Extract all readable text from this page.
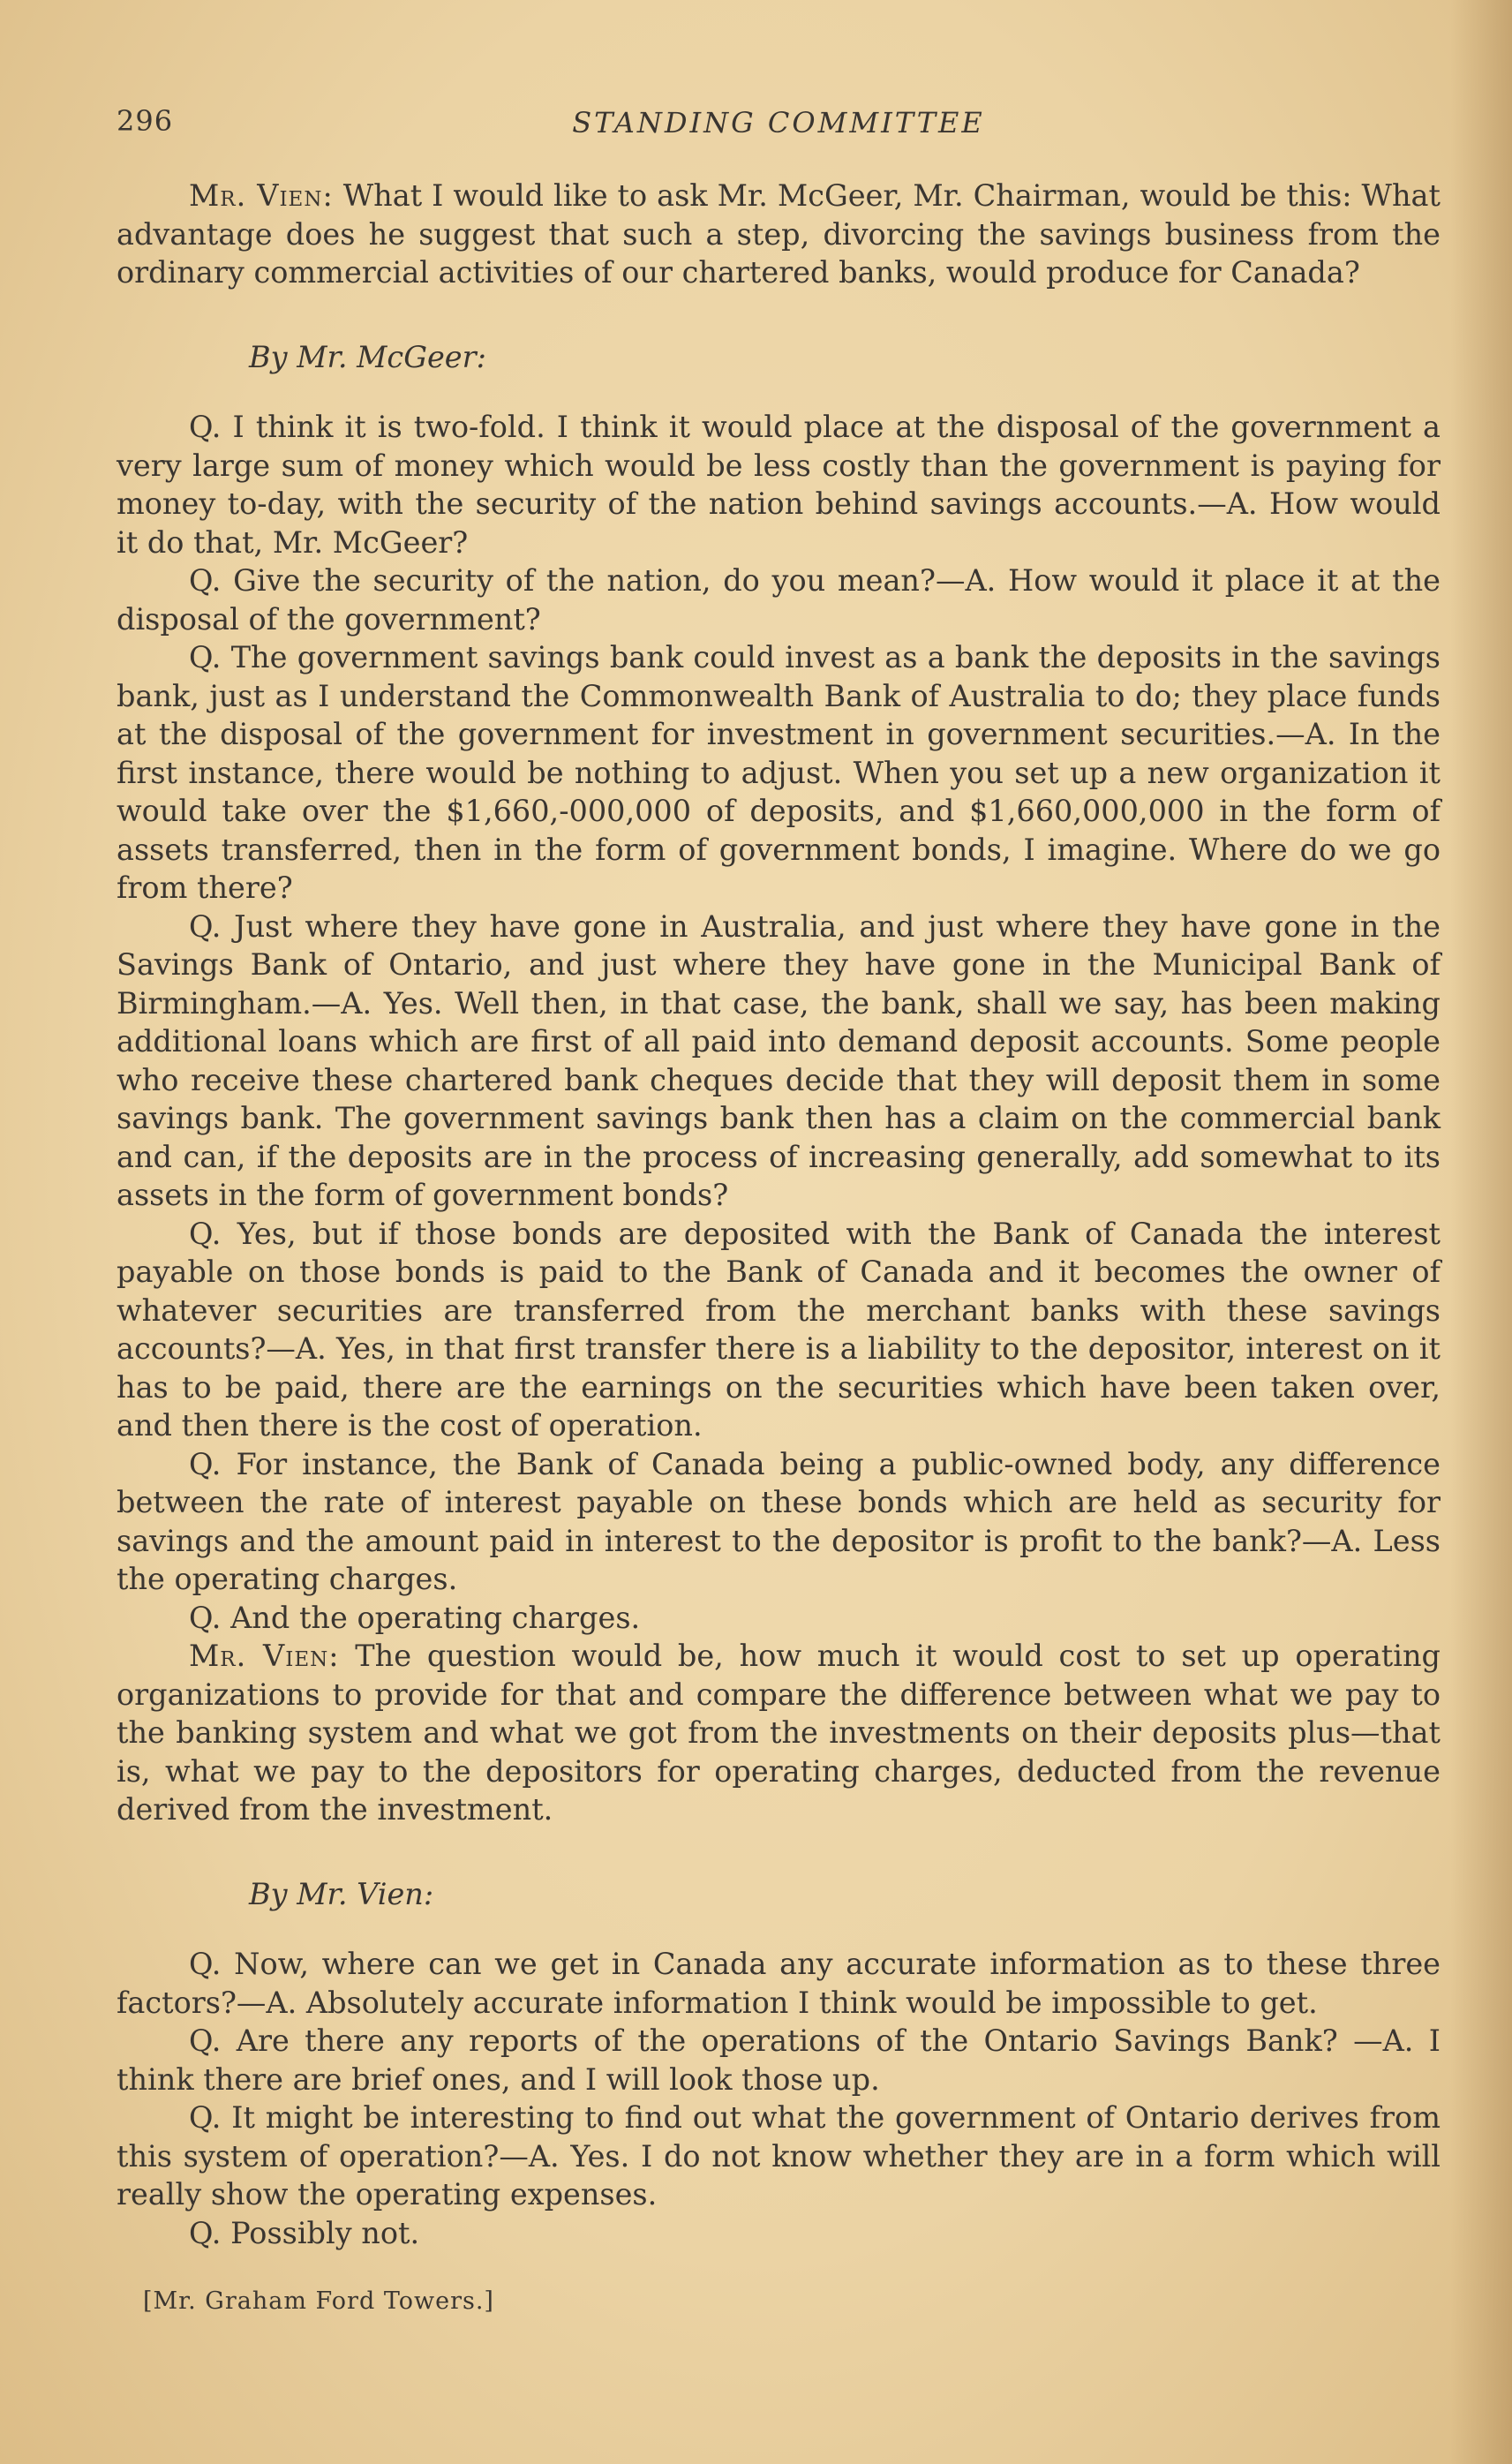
296	STANDING COMMITTEE

Mr. Vien: What I would like to ask Mr. McGeer, Mr. Chairman, would be this: What advantage does he suggest that such a step, divorcing the savings business from the ordinary commercial activities of our chartered banks, would produce for Canada?

By Mr. McGeer:

Q. I think it is two-fold. I think it would place at the disposal of the government a very large sum of money which would be less costly than the government is paying for money to-day, with the security of the nation behind savings accounts.—A. How would it do that, Mr. McGeer?

Q. Give the security of the nation, do you mean?—A. How would it place it at the disposal of the government?

Q. The government savings bank could invest as a bank the deposits in the savings bank, just as I understand the Commonwealth Bank of Australia to do; they place funds at the disposal of the government for investment in government securities.—A. In the first instance, there would be nothing to adjust. When you set up a new organization it would take over the $1,660,-000,000 of deposits, and $1,660,000,000 in the form of assets transferred, then in the form of government bonds, I imagine. Where do we go from there?

Q. Just where they have gone in Australia, and just where they have gone in the Savings Bank of Ontario, and just where they have gone in the Municipal Bank of Birmingham.—A. Yes. Well then, in that case, the bank, shall we say, has been making additional loans which are first of all paid into demand deposit accounts. Some people who receive these chartered bank cheques decide that they will deposit them in some savings bank. The government savings bank then has a claim on the commercial bank and can, if the deposits are in the process of increasing generally, add somewhat to its assets in the form of government bonds?

Q. Yes, but if those bonds are deposited with the Bank of Canada the interest payable on those bonds is paid to the Bank of Canada and it becomes the owner of whatever securities are transferred from the merchant banks with these savings accounts?—A. Yes, in that first transfer there is a liability to the depositor, interest on it has to be paid, there are the earnings on the securities which have been taken over, and then there is the cost of operation.

Q. For instance, the Bank of Canada being a public-owned body, any difference between the rate of interest payable on these bonds which are held as security for savings and the amount paid in interest to the depositor is profit to the bank?—A. Less the operating charges.

Q. And the operating charges.

Mr. Vien: The question would be, how much it would cost to set up operating organizations to provide for that and compare the difference between what we pay to the banking system and what we got from the investments on their deposits plus—that is, what we pay to the depositors for operating charges, deducted from the revenue derived from the investment.

By Mr. Vien:

Q. Now, where can we get in Canada any accurate information as to these three factors?—A. Absolutely accurate information I think would be impossible to get.

Q. Are there any reports of the operations of the Ontario Savings Bank? —A. I think there are brief ones, and I will look those up.

Q. It might be interesting to find out what the government of Ontario derives from this system of operation?—A. Yes. I do not know whether they are in a form which will really show the operating expenses.

Q. Possibly not.

[Mr. Graham Ford Towers.]
